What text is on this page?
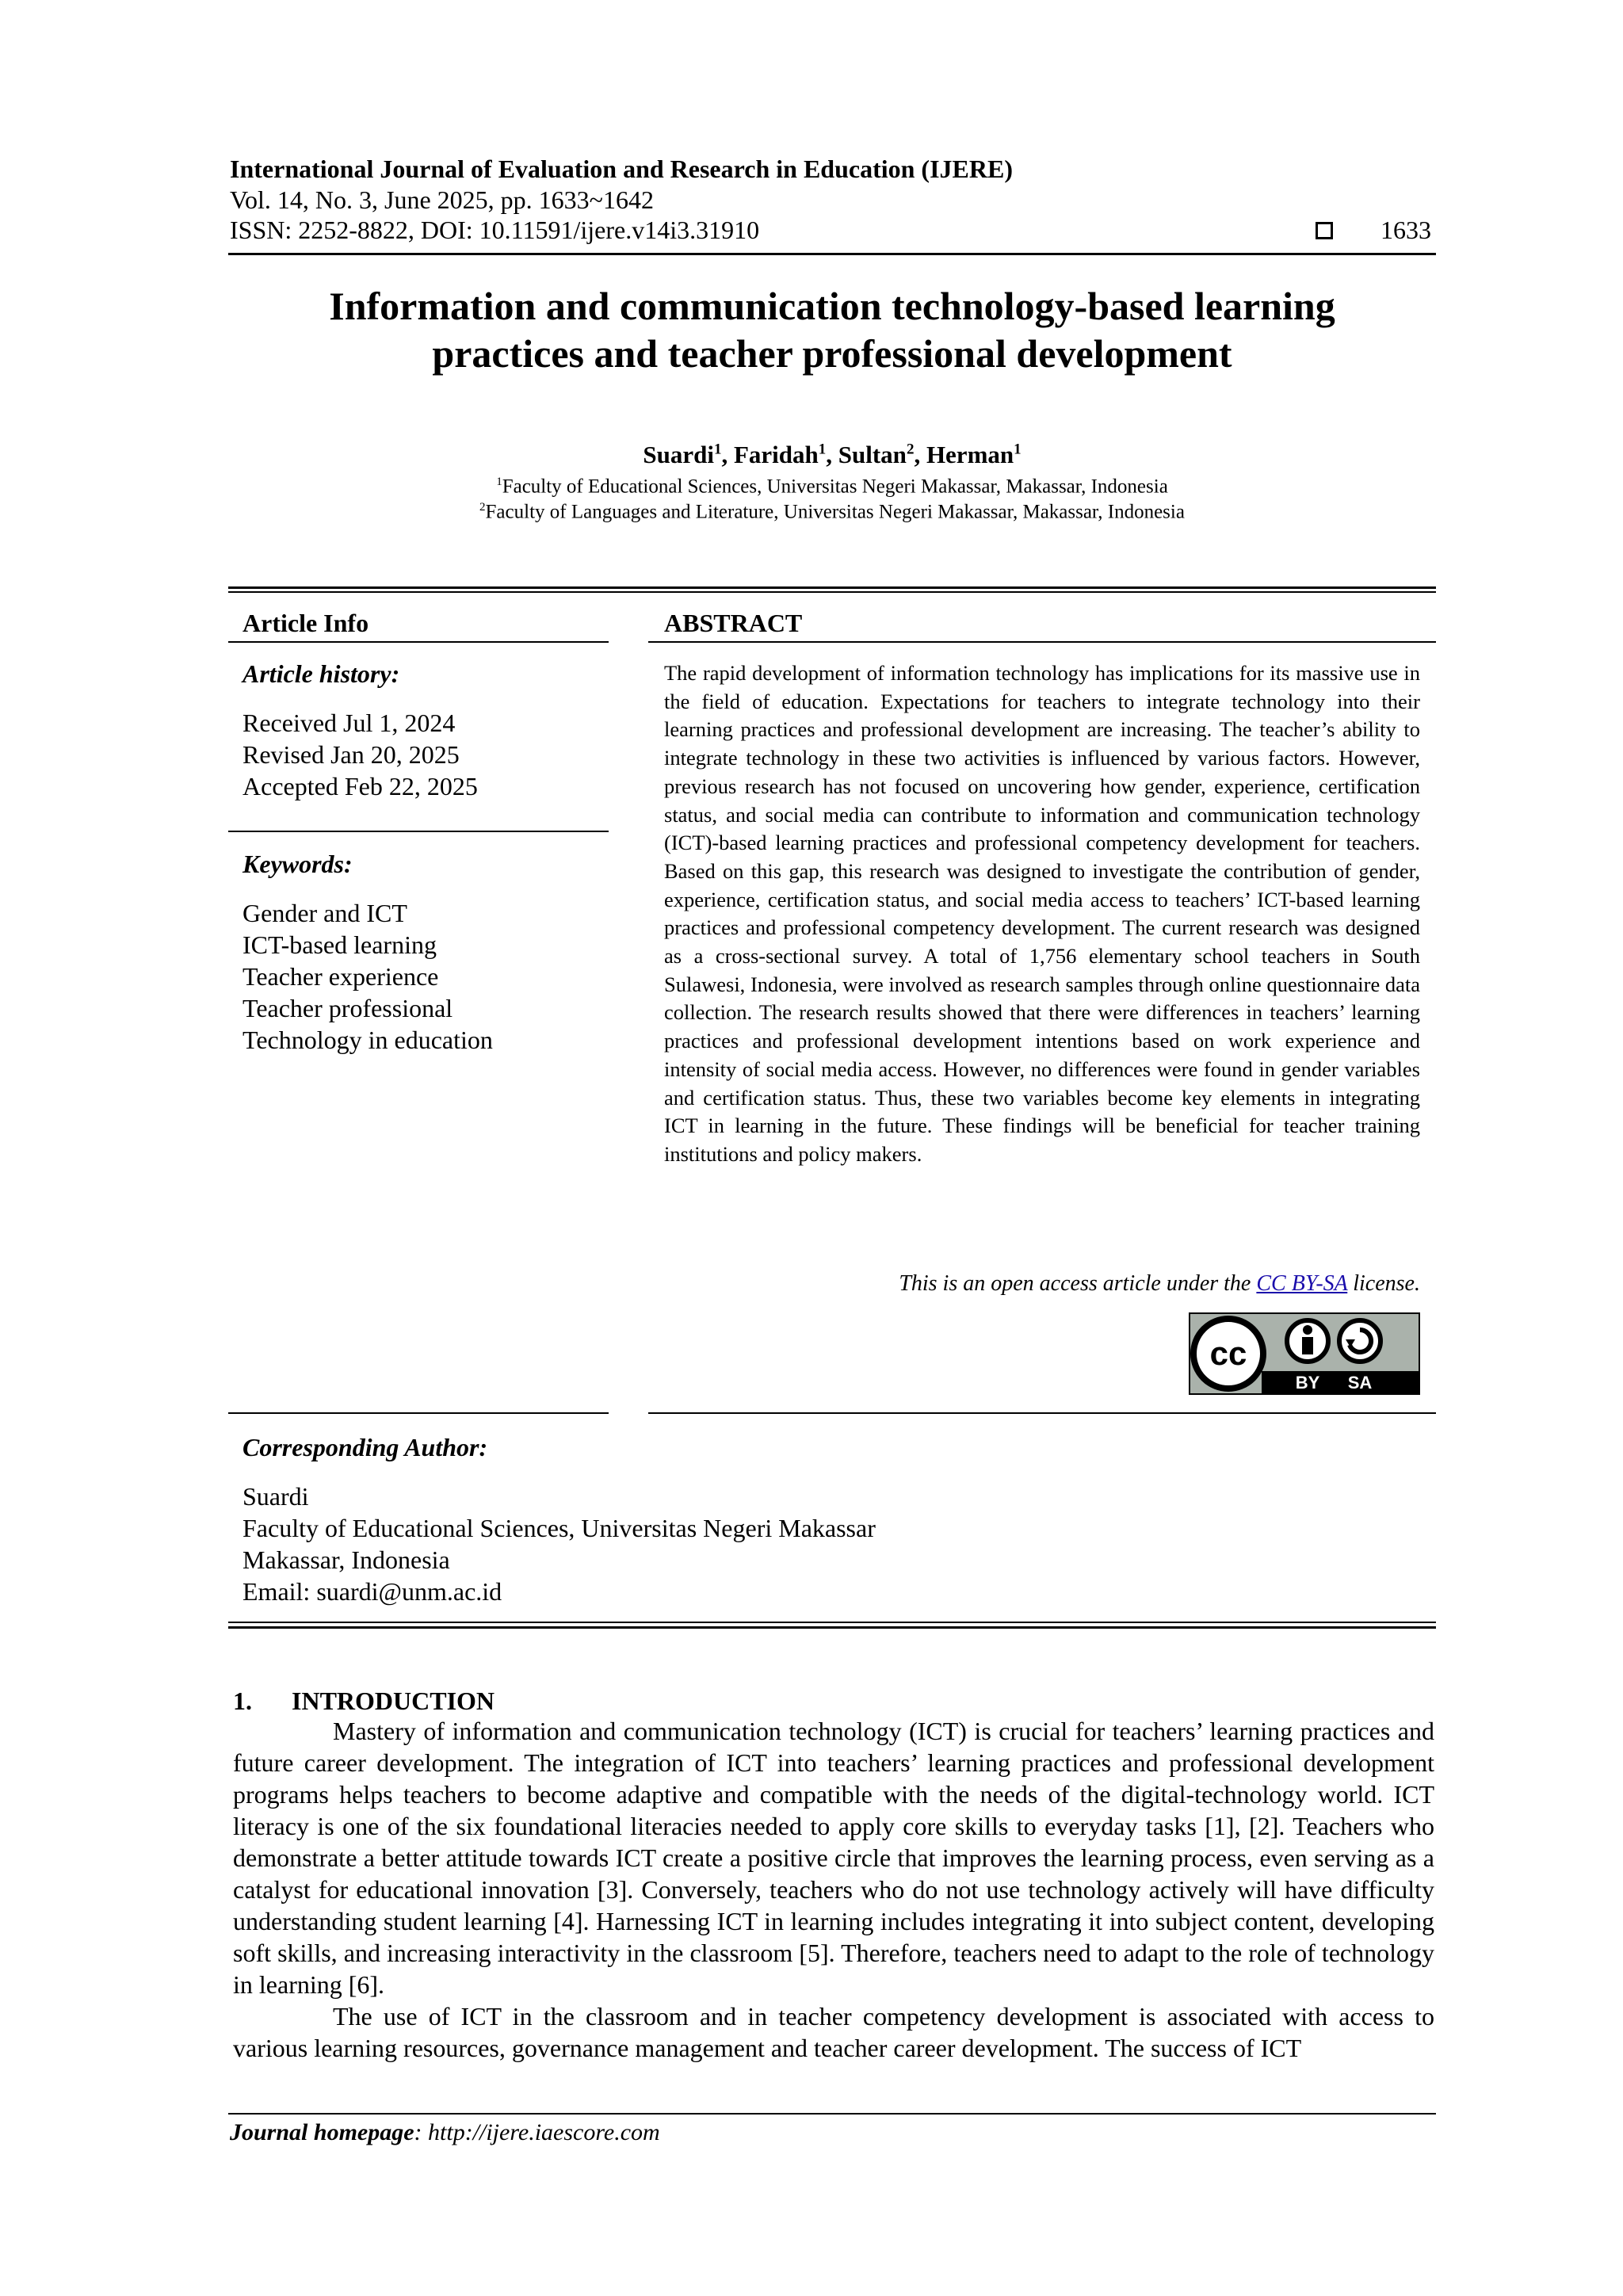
International Journal of Evaluation and Research in Education (IJERE)
Vol. 14, No. 3, June 2025, pp. 1633~1642
ISSN: 2252-8822, DOI: 10.11591/ijere.v14i3.31910	1633
Information and communication technology-based learning
practices and teacher professional development
Suardi$^1$, Faridah$^1$, Sultan$^2$, Herman$^1$
$^1$Faculty of Educational Sciences, Universitas Negeri Makassar, Makassar, Indonesia
$^2$Faculty of Languages and Literature, Universitas Negeri Makassar, Makassar, Indonesia
Article Info	ABSTRACT
Article history:
Received Jul 1, 2024
Revised Jan 20, 2025
Accepted Feb 22, 2025
Keywords:
Gender and ICT
ICT-based learning
Teacher experience
Teacher professional
Technology in education

The rapid development of information technology has implications for its massive use in the field of education. Expectations for teachers to integrate technology into their learning practices and professional development are increasing. The teacher’s ability to integrate technology in these two activities is influenced by various factors. However, previous research has not focused on uncovering how gender, experience, certification status, and social media can contribute to information and communication technology (ICT)-based learning practices and professional competency development for teachers. Based on this gap, this research was designed to investigate the contribution of gender, experience, certification status, and social media access to teachers’ ICT-based learning practices and professional competency development. The current research was designed as a cross-sectional survey. A total of 1,756 elementary school teachers in South Sulawesi, Indonesia, were involved as research samples through online questionnaire data collection. The research results showed that there were differences in teachers’ learning practices and professional development intentions based on work experience and intensity of social media access. However, no differences were found in gender variables and certification status. Thus, these two variables become key elements in integrating ICT in learning in the future. These findings will be beneficial for teacher training institutions and policy makers.

This is an open access article under the CC BY-SA license.
cc
BY SA
Corresponding Author:
Suardi
Faculty of Educational Sciences, Universitas Negeri Makassar
Makassar, Indonesia
Email: suardi@unm.ac.id
1. INTRODUCTION

Mastery of information and communication technology (ICT) is crucial for teachers’ learning practices and future career development. The integration of ICT into teachers’ learning practices and professional development programs helps teachers to become adaptive and compatible with the needs of the digital-technology world. ICT literacy is one of the six foundational literacies needed to apply core skills to everyday tasks [1], [2]. Teachers who demonstrate a better attitude towards ICT create a positive circle that improves the learning process, even serving as a catalyst for educational innovation [3]. Conversely, teachers who do not use technology actively will have difficulty understanding student learning [4]. Harnessing ICT in learning includes integrating it into subject content, developing soft skills, and increasing interactivity in the classroom [5]. Therefore, teachers need to adapt to the role of technology in learning [6].

The use of ICT in the classroom and in teacher competency development is associated with access to various learning resources, governance management and teacher career development. The success of ICT

Journal homepage: http://ijere.iaescore.com
